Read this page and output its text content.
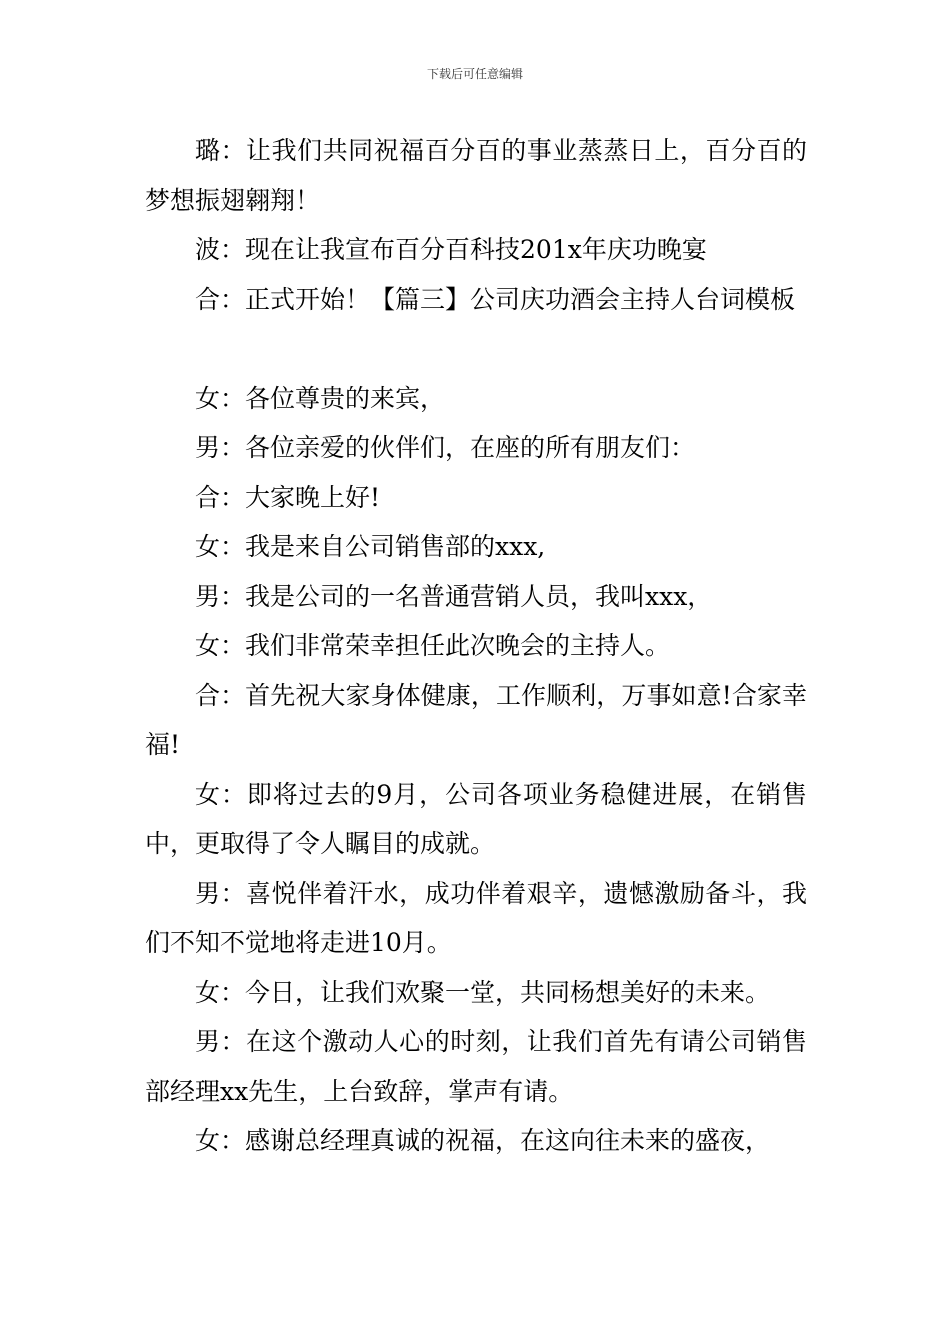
下载后可任意编辑

璐：让我们共同祝福百分百的事业蒸蒸日上，百分百的梦想振翅翱翔！

波：现在让我宣布百分百科技201x年庆功晚宴

合：正式开始！【篇三】公司庆功酒会主持人台词模板

女：各位尊贵的来宾，

男：各位亲爱的伙伴们，在座的所有朋友们：

合：大家晚上好!

女：我是来自公司销售部的xxx,

男：我是公司的一名普通营销人员，我叫xxx，

女：我们非常荣幸担任此次晚会的主持人。

合：首先祝大家身体健康，工作顺利，万事如意!合家幸福!

女：即将过去的9月，公司各项业务稳健进展，在销售中，更取得了令人瞩目的成就。

男：喜悦伴着汗水，成功伴着艰辛，遗憾激励备斗，我们不知不觉地将走进10月。

女：今日，让我们欢聚一堂，共同杨想美好的未来。

男：在这个激动人心的时刻，让我们首先有请公司销售部经理xx先生，上台致辞，掌声有请。

女：感谢总经理真诚的祝福，在这向往未来的盛夜，
